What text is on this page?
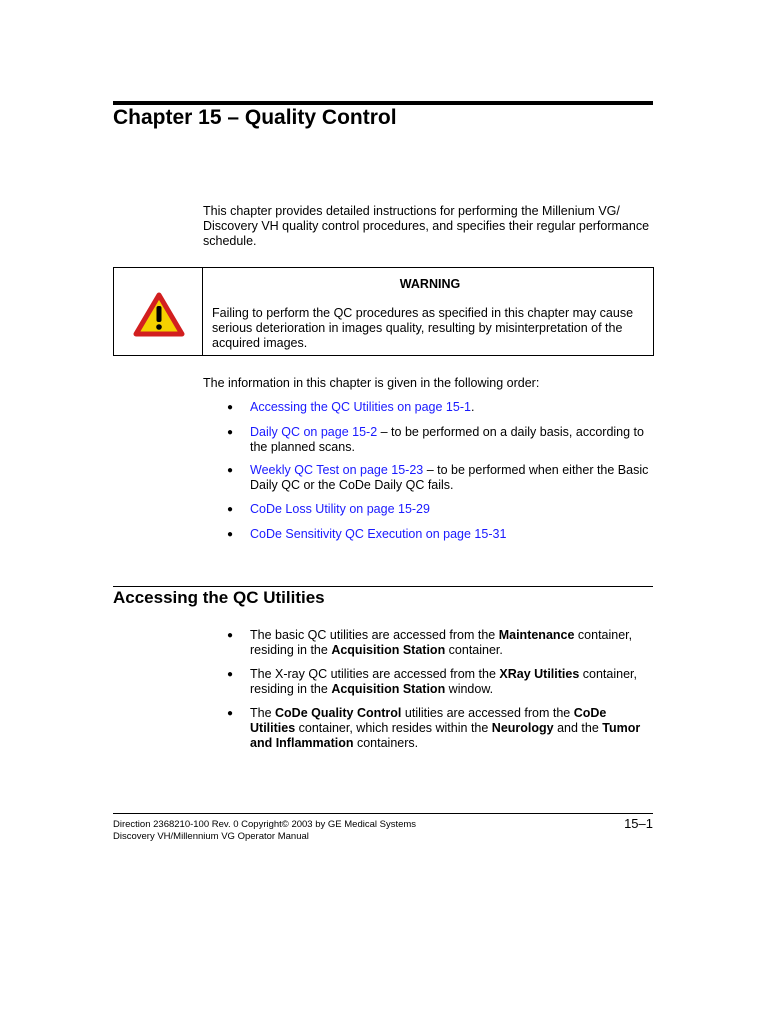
Chapter 15 – Quality Control

This chapter provides detailed instructions for performing the Millenium VG/ Discovery VH quality control procedures, and specifies their regular performance schedule.

WARNING

Failing to perform the QC procedures as specified in this chapter may cause serious deterioration in images quality, resulting by misinterpretation of the acquired images.

The information in this chapter is given in the following order:

● Accessing the QC Utilities on page 15-1.
● Daily QC on page 15-2 – to be performed on a daily basis, according to the planned scans.
● Weekly QC Test on page 15-23 – to be performed when either the Basic Daily QC or the CoDe Daily QC fails.
● CoDe Loss Utility on page 15-29
● CoDe Sensitivity QC Execution on page 15-31
Accessing the QC Utilities
● The basic QC utilities are accessed from the Maintenance container, residing in the Acquisition Station container.
● The X-ray QC utilities are accessed from the XRay Utilities container, residing in the Acquisition Station window.
● The CoDe Quality Control utilities are accessed from the CoDe Utilities container, which resides within the Neurology and the Tumor and Inflammation containers.
Direction 2368210-100 Rev. 0 Copyright© 2003 by GE Medical Systems
Discovery VH/Millennium VG Operator Manual
15–1
